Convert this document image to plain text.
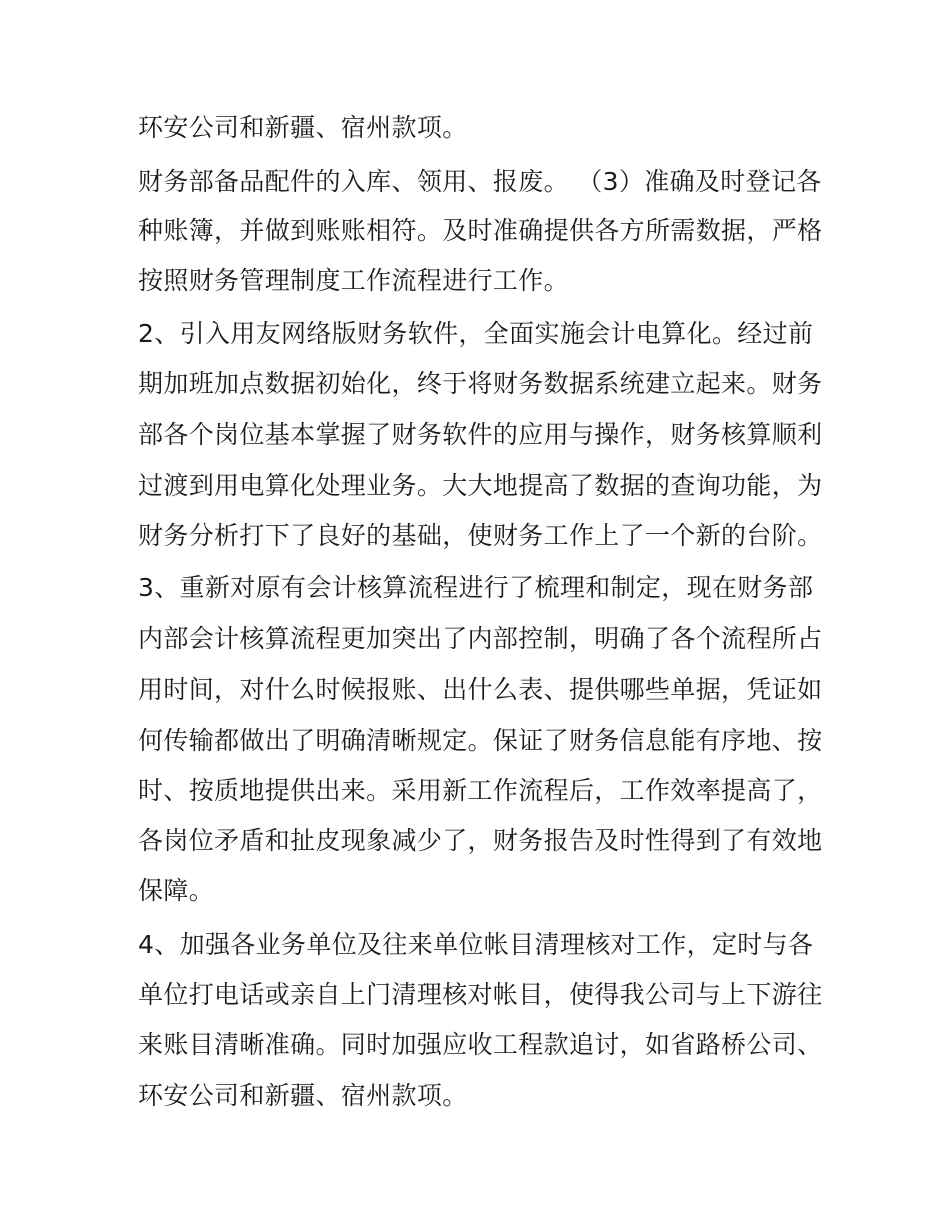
环安公司和新疆、宿州款项。
财务部备品配件的入库、领用、报废。 （3）准确及时登记各
种账簿，并做到账账相符。及时准确提供各方所需数据，严格
按照财务管理制度工作流程进行工作。
2、引入用友网络版财务软件，全面实施会计电算化。经过前
期加班加点数据初始化，终于将财务数据系统建立起来。财务
部各个岗位基本掌握了财务软件的应用与操作，财务核算顺利
过渡到用电算化处理业务。大大地提高了数据的查询功能，为
财务分析打下了良好的基础，使财务工作上了一个新的台阶。
3、重新对原有会计核算流程进行了梳理和制定，现在财务部
内部会计核算流程更加突出了内部控制，明确了各个流程所占
用时间，对什么时候报账、出什么表、提供哪些单据，凭证如
何传输都做出了明确清晰规定。保证了财务信息能有序地、按
时、按质地提供出来。采用新工作流程后，工作效率提高了，
各岗位矛盾和扯皮现象减少了，财务报告及时性得到了有效地
保障。
4、加强各业务单位及往来单位帐目清理核对工作，定时与各
单位打电话或亲自上门清理核对帐目，使得我公司与上下游往
来账目清晰准确。同时加强应收工程款追讨，如省路桥公司、
环安公司和新疆、宿州款项。
